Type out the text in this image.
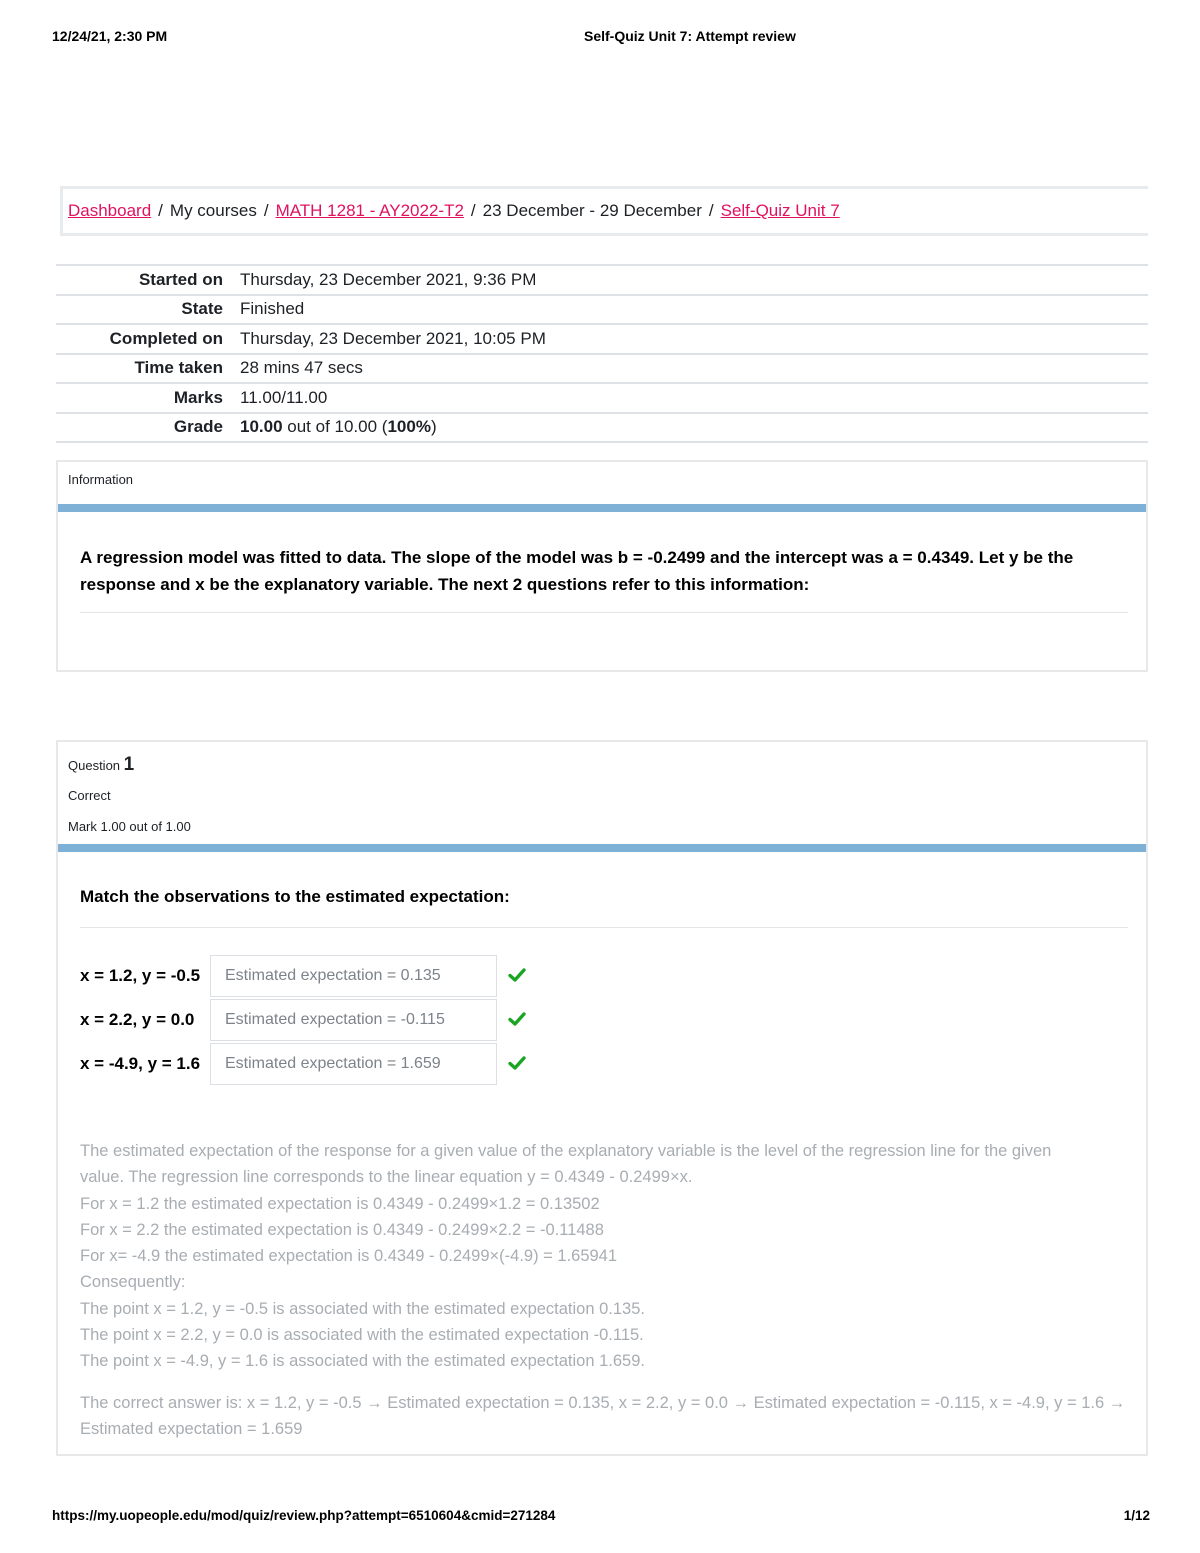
12/24/21, 2:30 PM	Self-Quiz Unit 7: Attempt review
Dashboard / My courses / MATH 1281 - AY2022-T2 / 23 December - 29 December / Self-Quiz Unit 7
Started on	Thursday, 23 December 2021, 9:36 PM
State	Finished
Completed on	Thursday, 23 December 2021, 10:05 PM
Time taken	28 mins 47 secs
Marks	11.00/11.00
Grade	10.00 out of 10.00 (100%)
Information
A regression model was fitted to data. The slope of the model was b = -0.2499 and the intercept was a = 0.4349. Let y be the response and x be the explanatory variable. The next 2 questions refer to this information:
Question 1
Correct
Mark 1.00 out of 1.00
Match the observations to the estimated expectation:
x = 1.2, y = -0.5	Estimated expectation = 0.135
x = 2.2, y = 0.0	Estimated expectation = -0.115
x = -4.9, y = 1.6	Estimated expectation = 1.659
The estimated expectation of the response for a given value of the explanatory variable is the level of the regression line for the given
value. The regression line corresponds to the linear equation y = 0.4349 - 0.2499×x.
For x = 1.2 the estimated expectation is 0.4349 - 0.2499×1.2 = 0.13502
For x = 2.2 the estimated expectation is 0.4349 - 0.2499×2.2 = -0.11488
For x= -4.9 the estimated expectation is 0.4349 - 0.2499×(-4.9) = 1.65941
Consequently:
The point x = 1.2, y = -0.5 is associated with the estimated expectation 0.135.
The point x = 2.2, y = 0.0 is associated with the estimated expectation -0.115.
The point x = -4.9, y = 1.6 is associated with the estimated expectation 1.659.
The correct answer is: x = 1.2, y = -0.5 → Estimated expectation = 0.135, x = 2.2, y = 0.0 → Estimated expectation = -0.115, x = -4.9, y = 1.6 → Estimated expectation = 1.659
https://my.uopeople.edu/mod/quiz/review.php?attempt=6510604&cmid=271284	1/12
